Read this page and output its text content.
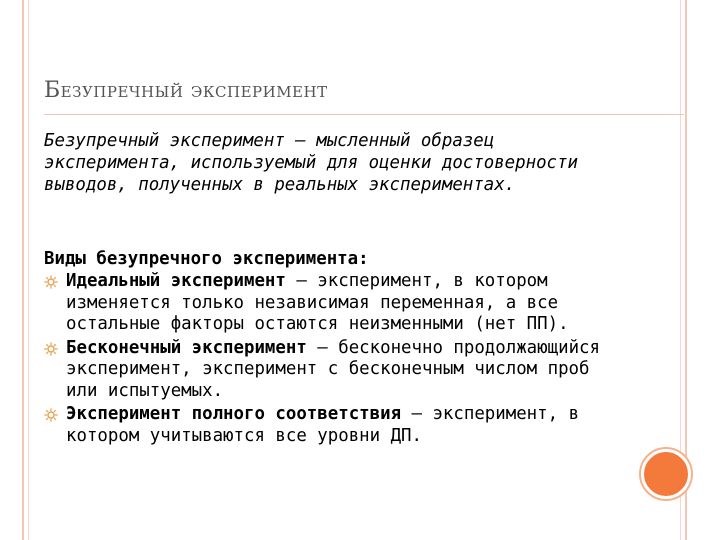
Безупречный эксперимент

Безупречный эксперимент – мысленный образец эксперимента, используемый для оценки достоверности выводов, полученных в реальных экспериментах.

Виды безупречного эксперимента:

Идеальный эксперимент – эксперимент, в котором изменяется только независимая переменная, а все остальные факторы остаются неизменными (нет ПП).
Бесконечный эксперимент – бесконечно продолжающийся эксперимент, эксперимент с бесконечным числом проб или испытуемых.
Эксперимент полного соответствия – эксперимент, в котором учитываются все уровни ДП.
